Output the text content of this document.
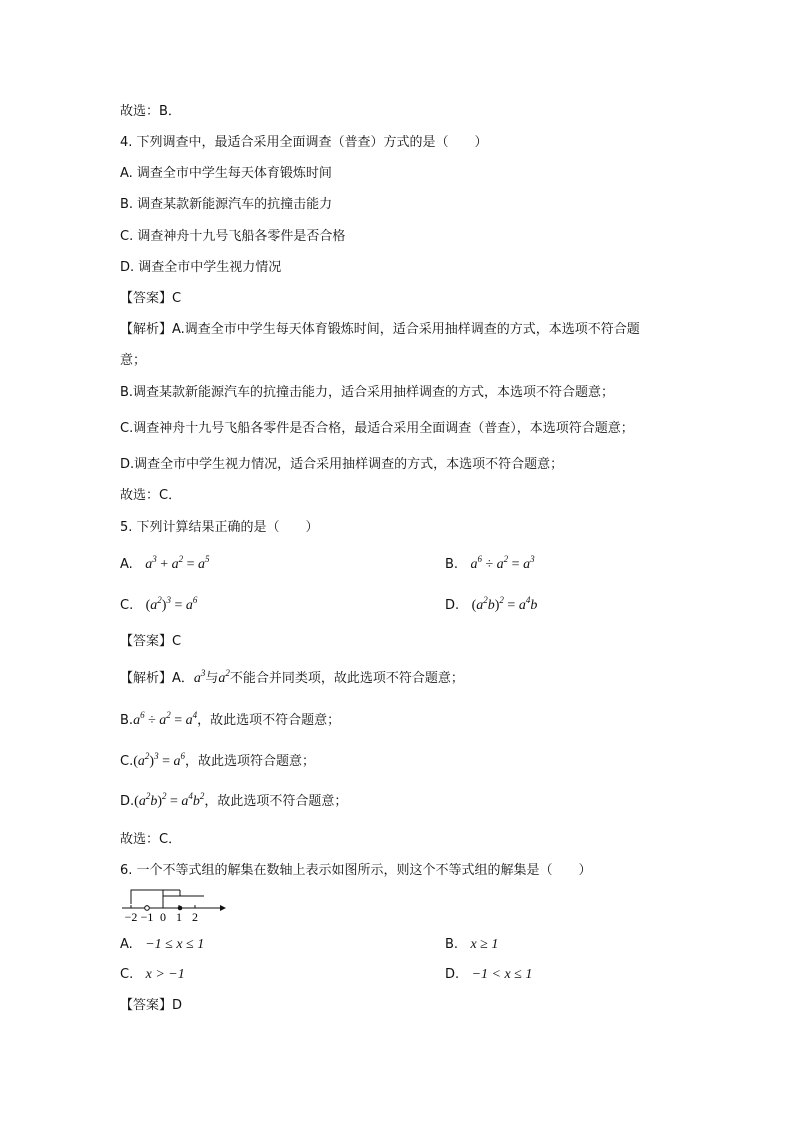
故选：B．
4. 下列调查中，最适合采用全面调查（普查）方式的是（　　）
A. 调查全市中学生每天体育锻炼时间
B. 调查某款新能源汽车的抗撞击能力
C. 调查神舟十九号飞船各零件是否合格
D. 调查全市中学生视力情况
【答案】C
【解析】A.调查全市中学生每天体育锻炼时间，适合采用抽样调查的方式，本选项不符合题
意；
B.调查某款新能源汽车的抗撞击能力，适合采用抽样调查的方式，本选项不符合题意；
C.调查神舟十九号飞船各零件是否合格，最适合采用全面调查（普查），本选项符合题意；
D.调查全市中学生视力情况，适合采用抽样调查的方式，本选项不符合题意；
故选：C．
5. 下列计算结果正确的是（　　）
A. $a^3 + a^2 = a^5$	B. $a^6 \div a^2 = a^3$
C. $(a^2)^3 = a^6$	D. $(a^2b)^2 = a^4b$
【答案】C
【解析】A．$a^3$与$a^2$不能合并同类项，故此选项不符合题意；
$B.a^6 \div a^2 = a^4$，故此选项不符合题意；
$C.(a^2)^3 = a^6$，故此选项符合题意；
$D.(a^2b)^2 = a^4b^2$，故此选项不符合题意；
故选：C．
6. 一个不等式组的解集在数轴上表示如图所示，则这个不等式组的解集是（　　）
−2 −1 0 1 2
A. −1 ≤ x ≤ 1	B. x ≥ 1
C. x > −1	D. −1 < x ≤ 1
【答案】D
